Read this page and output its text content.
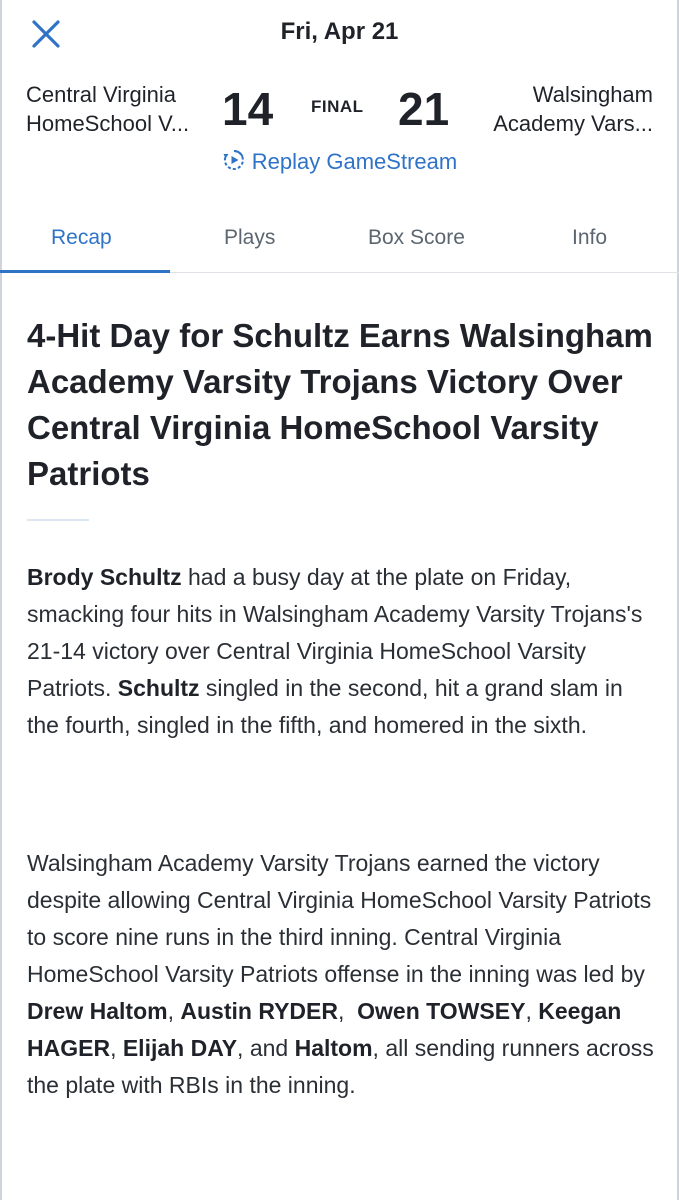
Fri, Apr 21
Central Virginia HomeSchool V... 14 FINAL 21	Walsingham Academy Vars...
Replay GameStream
Recap	Plays	Box Score	Info
4-Hit Day for Schultz Earns Walsingham Academy Varsity Trojans Victory Over Central Virginia HomeSchool Varsity Patriots

Brody Schultz had a busy day at the plate on Friday, smacking four hits in Walsingham Academy Varsity Trojans's 21-14 victory over Central Virginia HomeSchool Varsity Patriots. Schultz singled in the second, hit a grand slam in the fourth, singled in the fifth, and homered in the sixth.

Walsingham Academy Varsity Trojans earned the victory despite allowing Central Virginia HomeSchool Varsity Patriots to score nine runs in the third inning. Central Virginia HomeSchool Varsity Patriots offense in the inning was led by Drew Haltom, Austin RYDER,  Owen TOWSEY, Keegan HAGER, Elijah DAY, and Haltom, all sending runners across the plate with RBIs in the inning.
